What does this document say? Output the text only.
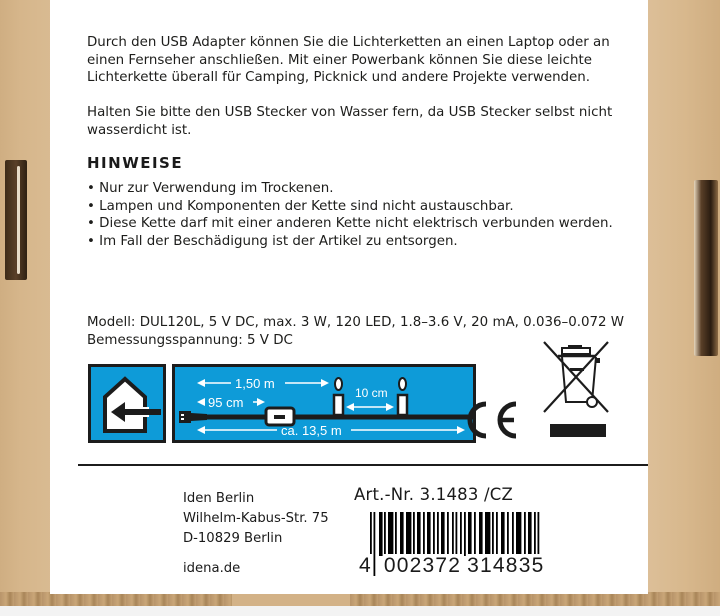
Durch den USB Adapter können Sie die Lichterketten an einen Laptop oder an einen Fernseher anschließen. Mit einer Powerbank können Sie diese leichte Lichterkette überall für Camping, Picknick und andere Projekte verwenden.

Halten Sie bitte den USB Stecker von Wasser fern, da USB Stecker selbst nicht wasserdicht ist.

HINWEISE
• Nur zur Verwendung im Trockenen.
• Lampen und Komponenten der Kette sind nicht austauschbar.
• Diese Kette darf mit einer anderen Kette nicht elektrisch verbunden werden.
• Im Fall der Beschädigung ist der Artikel zu entsorgen.
Modell: DUL120L, 5 V DC, max. 3 W, 120 LED, 1.8–3.6 V, 20 mA, 0.036–0.072 W
Bemessungsspannung: 5 V DC
1,50 m
95 cm
10 cm
ca. 13,5 m
Iden Berlin
Wilhelm-Kabus-Str. 75
D-10829 Berlin
idena.de
Art.-Nr. 3.1483 /CZ
4 002372 314835
